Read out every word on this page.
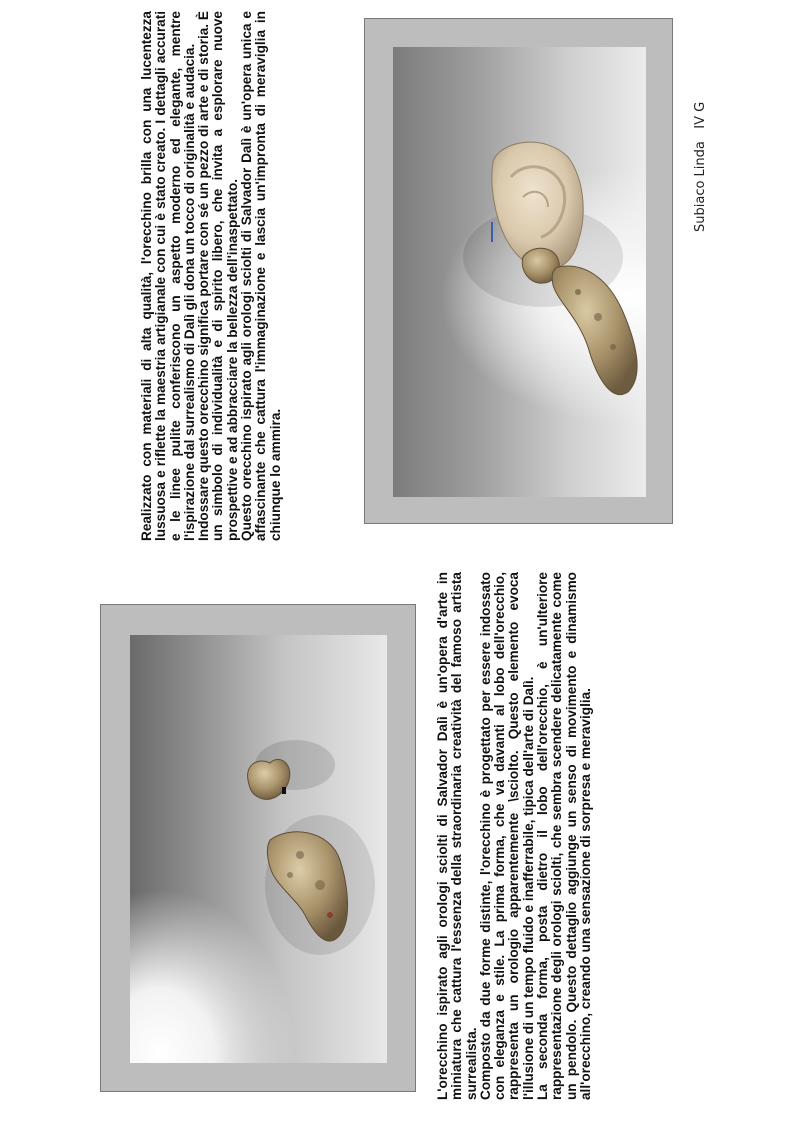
Realizzato con materiali di alta qualità, l'orecchino brilla con una lucentezza lussuosa e riflette la maestria artigianale con cui è stato creato. I dettagli accurati e le linee pulite conferiscono un aspetto moderno ed elegante, mentre l'ispirazione dal surrealismo di Dalì gli dona un tocco di originalità e audacia. Indossare questo orecchino significa portare con sé un pezzo di arte e di storia. È un simbolo di individualità e di spirito libero, che invita a esplorare nuove prospettive e ad abbracciare la bellezza dell'inaspettato. Questo orecchino ispirato agli orologi sciolti di Salvador Dalì è un'opera unica e affascinante che cattura l'immaginazione e lascia un'impronta di meraviglia in chiunque lo ammira.

L'orecchino ispirato agli orologi sciolti di Salvador Dalì è un'opera d'arte in miniatura che cattura l'essenza della straordinaria creatività del famoso artista surrealista. Composto da due forme distinte, l'orecchino è progettato per essere indossato con eleganza e stile. La prima forma, che va davanti al lobo dell'orecchio, rappresenta un orologio apparentemente \sciolto. Questo elemento evoca l'illusione di un tempo fluido e inafferrabile, tipica dell'arte di Dalì. La seconda forma, posta dietro il lobo dell'orecchio, è un'ulteriore rappresentazione degli orologi sciolti, che sembra scendere delicatamente come un pendolo. Questo dettaglio aggiunge un senso di movimento e dinamismo all'orecchino, creando una sensazione di sorpresa e meraviglia.

Subiaco Linda   IV G
